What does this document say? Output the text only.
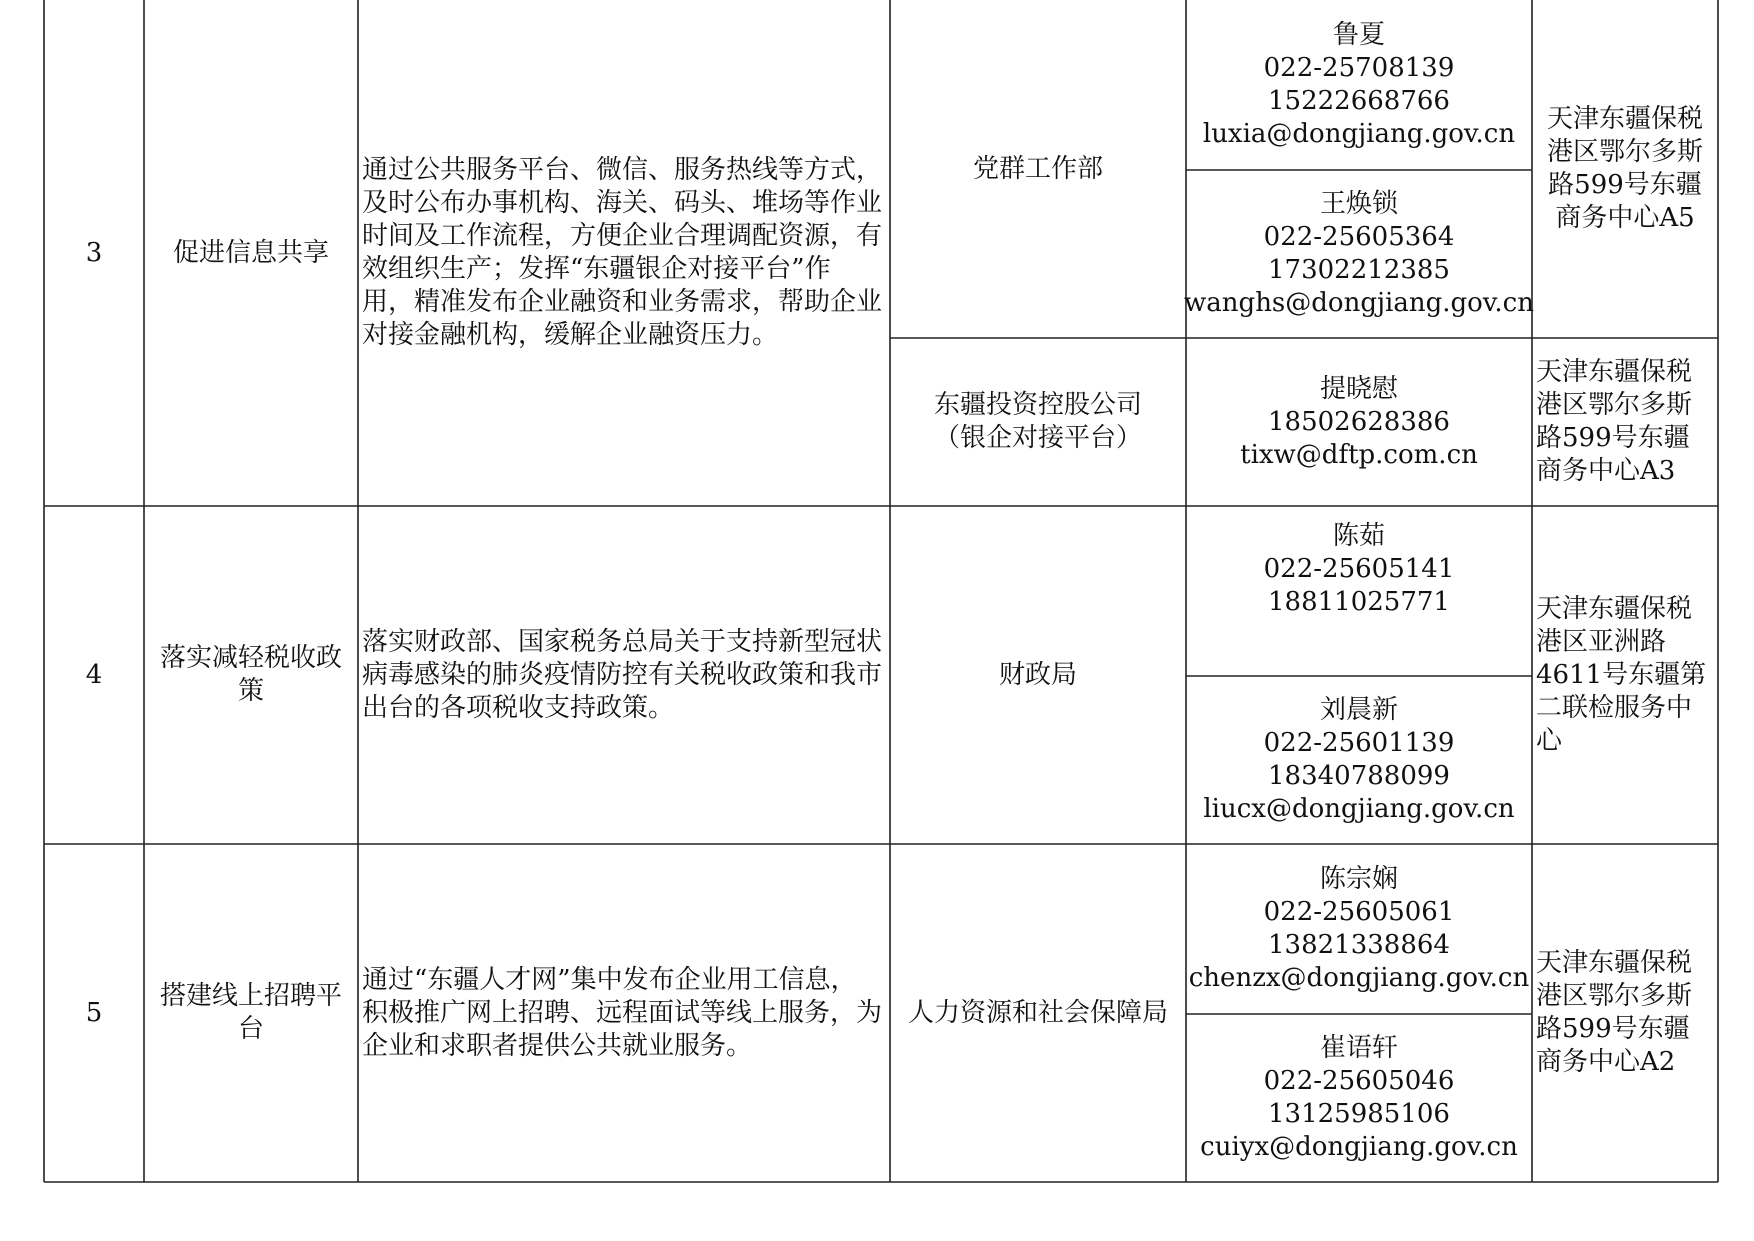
3	促进信息共享
通过公共服务平台、微信、服务热线等方式，及时公布办事机构、海关、码头、堆场等作业时间及工作流程，方便企业合理调配资源，有效组织生产；发挥“东疆银企对接平台”作用，精准发布企业融资和业务需求，帮助企业对接金融机构，缓解企业融资压力。
党群工作部
鲁夏
022-25708139
15222668766
luxia@dongjiang.gov.cn
王焕锁
022-25605364
17302212385
wanghs@dongjiang.gov.cn
天津东疆保税港区鄂尔多斯路599号东疆商务中心A5
东疆投资控股公司（银企对接平台）
提晓慰
18502628386
tixw@dftp.com.cn
天津东疆保税港区鄂尔多斯路599号东疆商务中心A3
4
落实减轻税收政策
落实财政部、国家税务总局关于支持新型冠状病毒感染的肺炎疫情防控有关税收政策和我市出台的各项税收支持政策。
财政局
陈茹
022-25605141
18811025771
刘晨新
022-25601139
18340788099
liucx@dongjiang.gov.cn
天津东疆保税港区亚洲路4611号东疆第二联检服务中心
5
搭建线上招聘平台
通过“东疆人才网”集中发布企业用工信息，积极推广网上招聘、远程面试等线上服务，为企业和求职者提供公共就业服务。
人力资源和社会保障局
陈宗娴
022-25605061
13821338864
chenzx@dongjiang.gov.cn
崔语轩
022-25605046
13125985106
cuiyx@dongjiang.gov.cn
天津东疆保税港区鄂尔多斯路599号东疆商务中心A2
